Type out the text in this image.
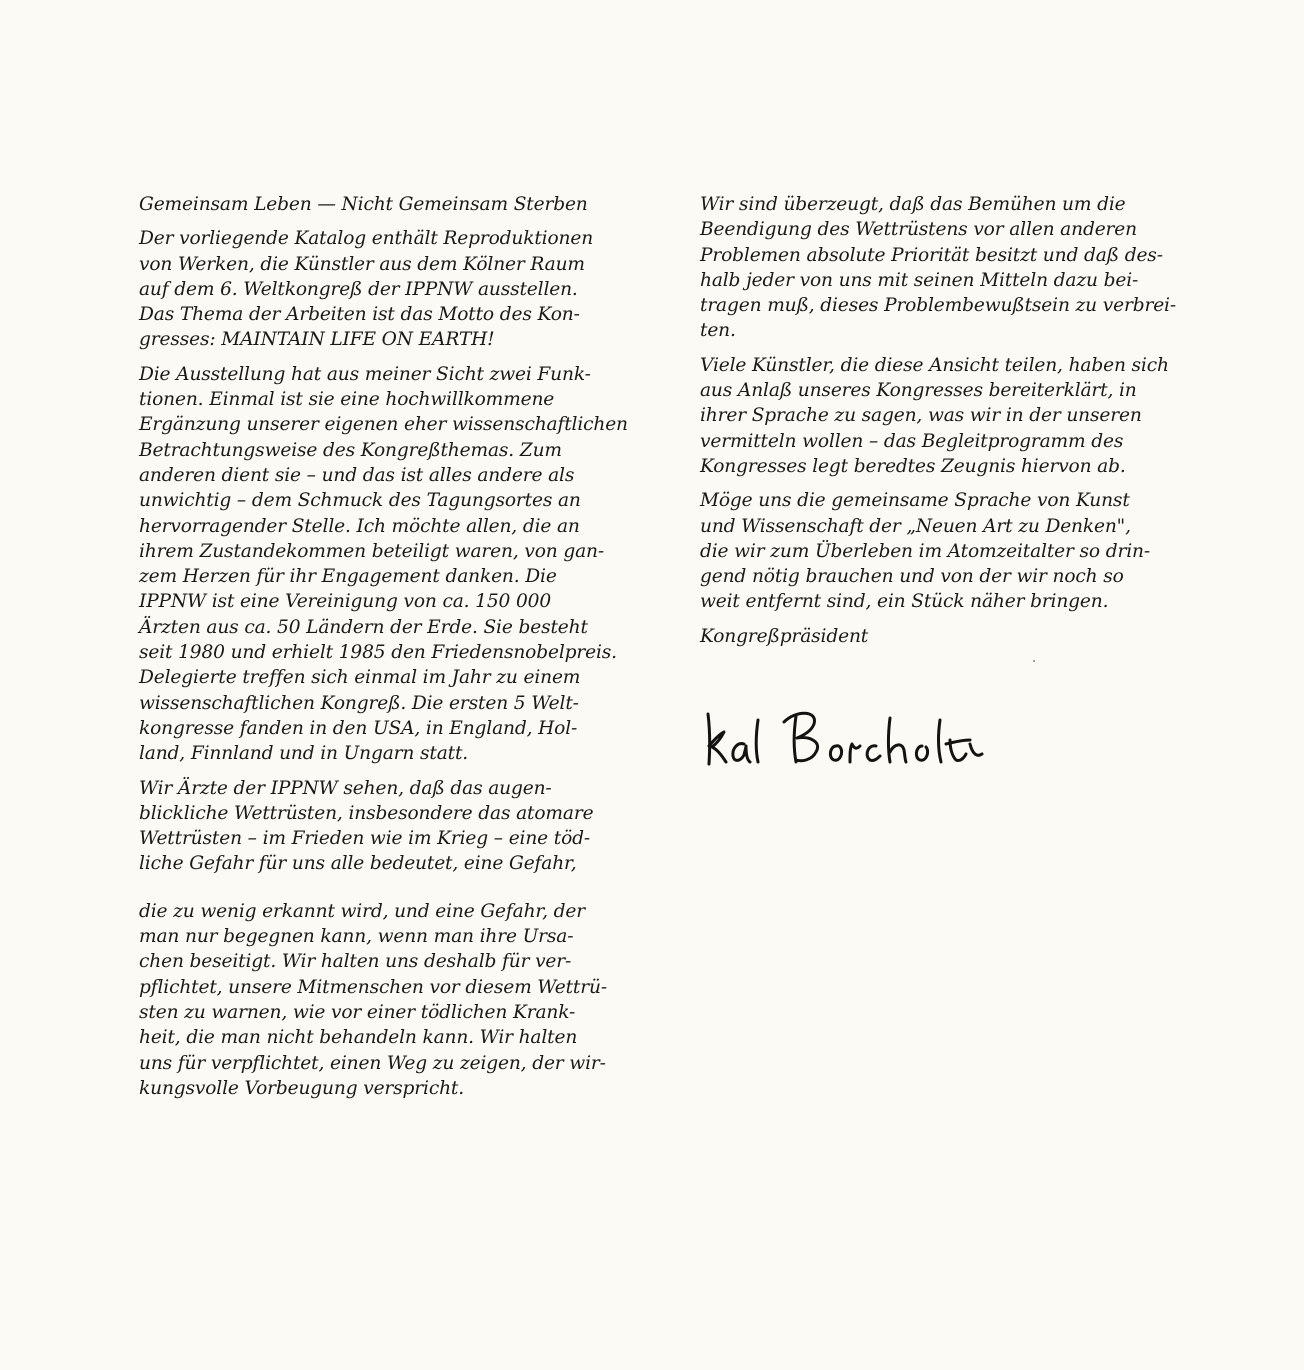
Gemeinsam Leben — Nicht Gemeinsam Sterben
Der vorliegende Katalog enthält Reproduktionen
von Werken, die Künstler aus dem Kölner Raum
auf dem 6. Weltkongreß der IPPNW ausstellen.
Das Thema der Arbeiten ist das Motto des Kon-
gresses: MAINTAIN LIFE ON EARTH!
Die Ausstellung hat aus meiner Sicht zwei Funk-
tionen. Einmal ist sie eine hochwillkommene
Ergänzung unserer eigenen eher wissenschaftlichen
Betrachtungsweise des Kongreßthemas. Zum
anderen dient sie – und das ist alles andere als
unwichtig – dem Schmuck des Tagungsortes an
hervorragender Stelle. Ich möchte allen, die an
ihrem Zustandekommen beteiligt waren, von gan-
zem Herzen für ihr Engagement danken. Die
IPPNW ist eine Vereinigung von ca. 150 000
Ärzten aus ca. 50 Ländern der Erde. Sie besteht
seit 1980 und erhielt 1985 den Friedensnobelpreis.
Delegierte treffen sich einmal im Jahr zu einem
wissenschaftlichen Kongreß. Die ersten 5 Welt-
kongresse fanden in den USA, in England, Hol-
land, Finnland und in Ungarn statt.
Wir Ärzte der IPPNW sehen, daß das augen-
blickliche Wettrüsten, insbesondere das atomare
Wettrüsten – im Frieden wie im Krieg – eine töd-
liche Gefahr für uns alle bedeutet, eine Gefahr,
die zu wenig erkannt wird, und eine Gefahr, der
man nur begegnen kann, wenn man ihre Ursa-
chen beseitigt. Wir halten uns deshalb für ver-
pflichtet, unsere Mitmenschen vor diesem Wettrü-
sten zu warnen, wie vor einer tödlichen Krank-
heit, die man nicht behandeln kann. Wir halten
uns für verpflichtet, einen Weg zu zeigen, der wir-
kungsvolle Vorbeugung verspricht.
Wir sind überzeugt, daß das Bemühen um die
Beendigung des Wettrüstens vor allen anderen
Problemen absolute Priorität besitzt und daß des-
halb jeder von uns mit seinen Mitteln dazu bei-
tragen muß, dieses Problembewußtsein zu verbrei-
ten.
Viele Künstler, die diese Ansicht teilen, haben sich
aus Anlaß unseres Kongresses bereiterklärt, in
ihrer Sprache zu sagen, was wir in der unseren
vermitteln wollen – das Begleitprogramm des
Kongresses legt beredtes Zeugnis hiervon ab.
Möge uns die gemeinsame Sprache von Kunst
und Wissenschaft der „Neuen Art zu Denken",
die wir zum Überleben im Atomzeitalter so drin-
gend nötig brauchen und von der wir noch so
weit entfernt sind, ein Stück näher bringen.
Kongreßpräsident
